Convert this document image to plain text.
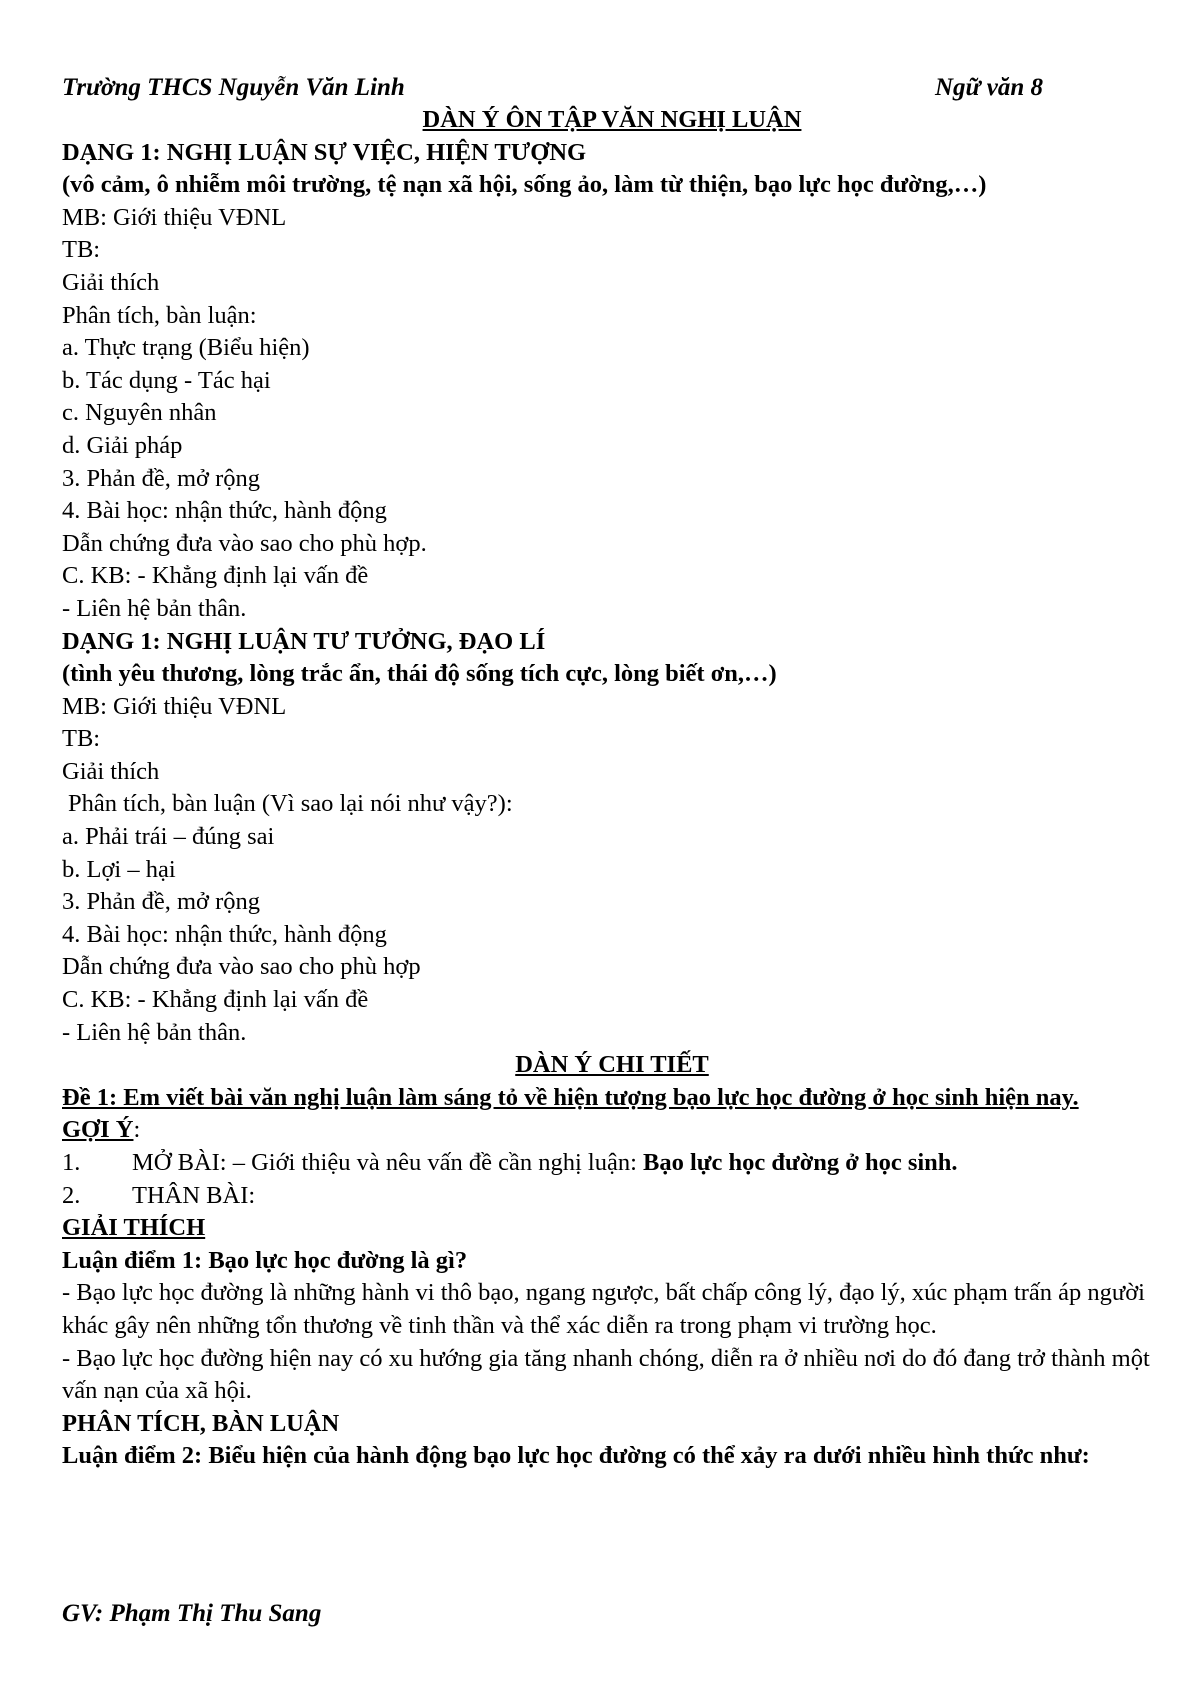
Trường THCS Nguyễn Văn Linh	Ngữ văn 8
DÀN Ý ÔN TẬP VĂN NGHỊ LUẬN
DẠNG 1: NGHỊ LUẬN SỰ VIỆC, HIỆN TƯỢNG
(vô cảm, ô nhiễm môi trường, tệ nạn xã hội, sống ảo, làm từ thiện, bạo lực học đường,…)
MB: Giới thiệu VĐNL
TB:
Giải thích
Phân tích, bàn luận:
a. Thực trạng (Biểu hiện)
b. Tác dụng - Tác hại
c. Nguyên nhân
d. Giải pháp
3. Phản đề, mở rộng
4. Bài học: nhận thức, hành động
Dẫn chứng đưa vào sao cho phù hợp.
C. KB: - Khẳng định lại vấn đề
- Liên hệ bản thân.
DẠNG 1: NGHỊ LUẬN TƯ TƯỞNG, ĐẠO LÍ
(tình yêu thương, lòng trắc ẩn, thái độ sống tích cực, lòng biết ơn,…)
MB: Giới thiệu VĐNL
TB:
Giải thích
Phân tích, bàn luận (Vì sao lại nói như vậy?):
a. Phải trái – đúng sai
b. Lợi – hại
3. Phản đề, mở rộng
4. Bài học: nhận thức, hành động
Dẫn chứng đưa vào sao cho phù hợp
C. KB: - Khẳng định lại vấn đề
- Liên hệ bản thân.
DÀN Ý CHI TIẾT
Đề 1: Em viết bài văn nghị luận làm sáng tỏ về hiện tượng bạo lực học đường ở học sinh hiện nay.
GỢI Ý:
1. MỞ BÀI: – Giới thiệu và nêu vấn đề cần nghị luận: Bạo lực học đường ở học sinh.
2. THÂN BÀI:
GIẢI THÍCH
Luận điểm 1: Bạo lực học đường là gì?
- Bạo lực học đường là những hành vi thô bạo, ngang ngược, bất chấp công lý, đạo lý, xúc phạm trấn áp người khác gây nên những tổn thương về tinh thần và thể xác diễn ra trong phạm vi trường học.
- Bạo lực học đường hiện nay có xu hướng gia tăng nhanh chóng, diễn ra ở nhiều nơi do đó đang trở thành một vấn nạn của xã hội.
PHÂN TÍCH, BÀN LUẬN
Luận điểm 2: Biểu hiện của hành động bạo lực học đường có thể xảy ra dưới nhiều hình thức như:
GV: Phạm Thị Thu Sang
